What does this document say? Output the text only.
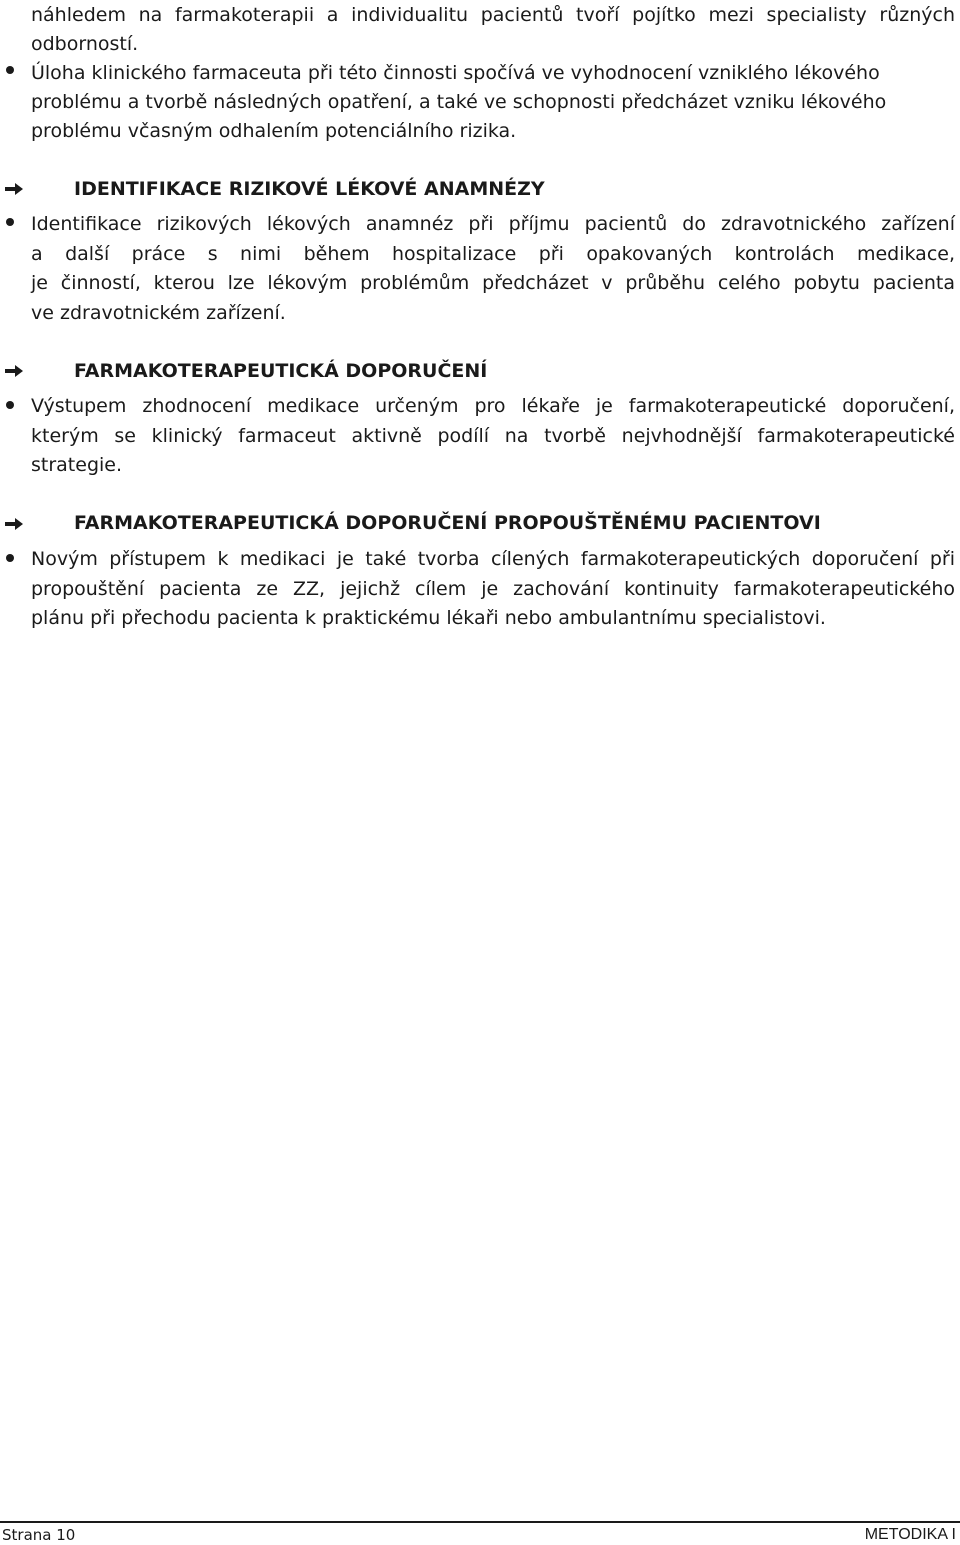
náhledem na farmakoterapii a individualitu pacientů tvoří pojítko mezi specialisty různých
odborností.
Úloha klinického farmaceuta při této činnosti spočívá ve vyhodnocení vzniklého lékového
problému a tvorbě následných opatření, a také ve schopnosti předcházet vzniku lékového
problému včasným odhalením potenciálního rizika.
IDENTIFIKACE RIZIKOVÉ LÉKOVÉ ANAMNÉZY
Identifikace rizikových lékových anamnéz při příjmu pacientů do zdravotnického zařízení
a další práce s nimi během hospitalizace při opakovaných kontrolách medikace,
je činností, kterou lze lékovým problémům předcházet v průběhu celého pobytu pacienta
ve zdravotnickém zařízení.
FARMAKOTERAPEUTICKÁ DOPORUČENÍ
Výstupem zhodnocení medikace určeným pro lékaře je farmakoterapeutické doporučení,
kterým se klinický farmaceut aktivně podílí na tvorbě nejvhodnější farmakoterapeutické
strategie.
FARMAKOTERAPEUTICKÁ DOPORUČENÍ PROPOUŠTĚNÉMU PACIENTOVI
Novým přístupem k medikaci je také tvorba cílených farmakoterapeutických doporučení při
propouštění pacienta ze ZZ, jejichž cílem je zachování kontinuity farmakoterapeutického
plánu při přechodu pacienta k praktickému lékaři nebo ambulantnímu specialistovi.
Strana 10	METODIKA I
